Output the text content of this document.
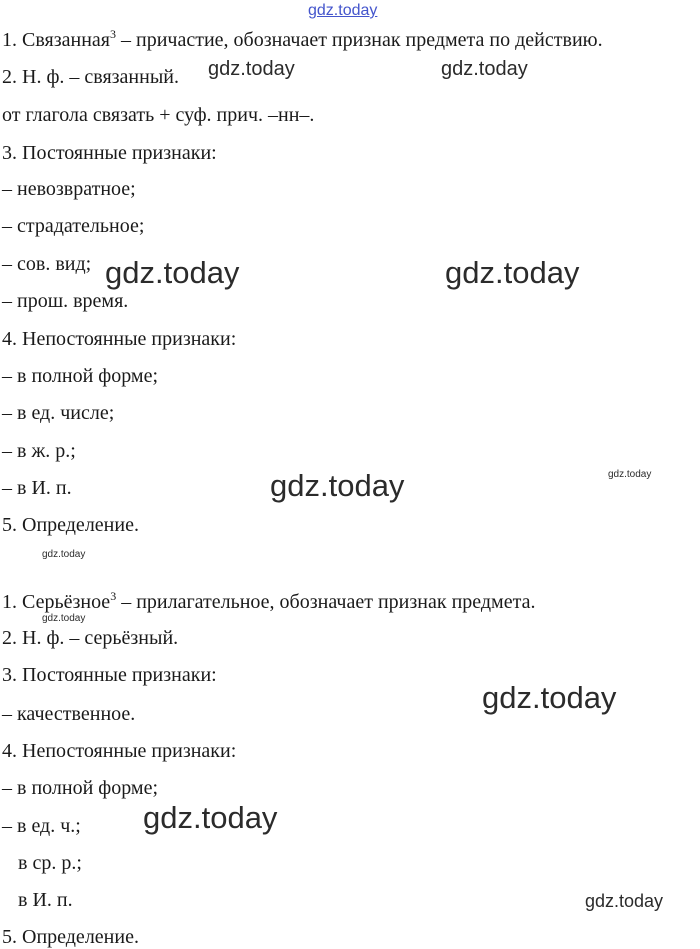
1. Связанная$^3$ – причастие, обозначает признак предмета по действию.
2. Н. ф. – связанный.
от глагола связать + суф. прич. –нн–.
3. Постоянные признаки:
– невозвратное;
– страдательное;
– сов. вид;
– прош. время.
4. Непостоянные признаки:
– в полной форме;
– в ед. числе;
– в ж. р.;
– в И. п.
5. Определение.
1. Серьёзное$^3$ – прилагательное, обозначает признак предмета.
2. Н. ф. – серьёзный.
3. Постоянные признаки:
– качественное.
4. Непостоянные признаки:
– в полной форме;
– в ед. ч.;
в ср. р.;
в И. п.
5. Определение.
gdz.today
gdz.today	gdz.today
gdz.today	gdz.today
gdz.today	gdz.today
gdz.today
gdz.today
gdz.today
gdz.today
gdz.today
